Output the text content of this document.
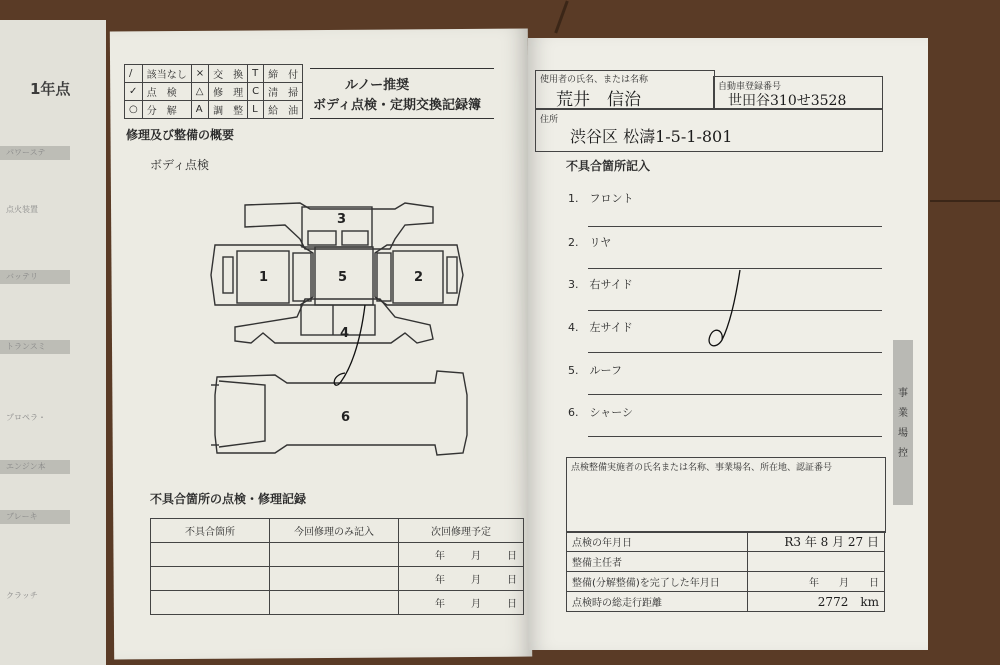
1年点
パワーステ
点火装置
バッテリ
トランスミ
プロペラ・
エンジン本
ブレーキ
クラッチ
/	該当なし	×	交　換	T	締　付
✓	点　検	△	修　理	C	清　掃
○	分　解	A	調　整	L	給　油
ルノー推奨
ボディ点検・定期交換記録簿
修理及び整備の概要
ボディ点検
3
1	5	2
4
6
不具合箇所の点検・修理記録
不具合箇所	今回修理のみ記入	次回修理予定
		年　　月　　日
		年　　月　　日
		年　　月　　日
使用者の氏名、または名称
荒井　信治
自動車登録番号
世田谷310せ3528
住所
渋谷区 松濤1-5-1-801
不具合箇所記入
1.　フロント
2.　リヤ
3.　右サイド
4.　左サイド
5.　ルーフ
6.　シャーシ
事
業
場
控
点検整備実施者の氏名または名称、事業場名、所在地、認証番号
点検の年月日	R3 年 8 月 27 日
整備主任者	
整備(分解整備)を完了した年月日	年　　月　　日
点検時の総走行距離	2772　km
